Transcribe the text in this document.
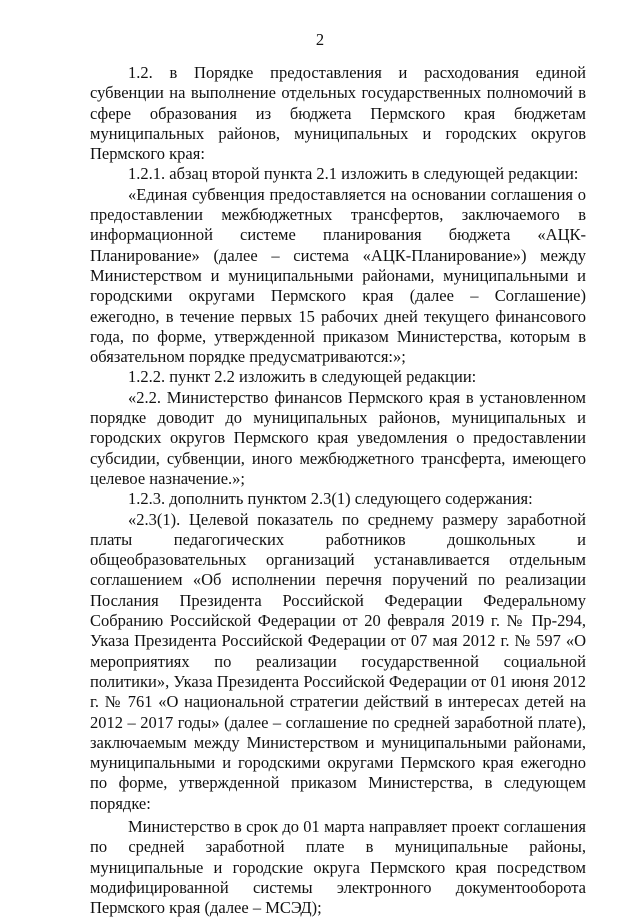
2

1.2. в Порядке предоставления и расходования единой субвенции на выполнение отдельных государственных полномочий в сфере образования из бюджета Пермского края бюджетам муниципальных районов, муниципальных и городских округов Пермского края:

1.2.1. абзац второй пункта 2.1 изложить в следующей редакции:

«Единая субвенция предоставляется на основании соглашения о предоставлении межбюджетных трансфертов, заключаемого в информационной системе планирования бюджета «АЦК-Планирование» (далее – система «АЦК-Планирование») между Министерством и муниципальными районами, муниципальными и городскими округами Пермского края (далее – Соглашение) ежегодно, в течение первых 15 рабочих дней текущего финансового года, по форме, утвержденной приказом Министерства, которым в обязательном порядке предусматриваются:»;

1.2.2. пункт 2.2 изложить в следующей редакции:

«2.2. Министерство финансов Пермского края в установленном порядке доводит до муниципальных районов, муниципальных и городских округов Пермского края уведомления о предоставлении субсидии, субвенции, иного межбюджетного трансферта, имеющего целевое назначение.»;

1.2.3. дополнить пунктом 2.3(1) следующего содержания:

«2.3(1). Целевой показатель по среднему размеру заработной платы педагогических работников дошкольных и общеобразовательных организаций устанавливается отдельным соглашением «Об исполнении перечня поручений по реализации Послания Президента Российской Федерации Федеральному Собранию Российской Федерации от 20 февраля 2019 г. № Пр-294, Указа Президента Российской Федерации от 07 мая 2012 г. № 597 «О мероприятиях по реализации государственной социальной политики», Указа Президента Российской Федерации от 01 июня 2012 г. № 761 «О национальной стратегии действий в интересах детей на 2012 – 2017 годы» (далее – соглашение по средней заработной плате), заключаемым между Министерством и муниципальными районами, муниципальными и городскими округами Пермского края ежегодно по форме, утвержденной приказом Министерства, в следующем порядке:

Министерство в срок до 01 марта направляет проект соглашения по средней заработной плате в муниципальные районы, муниципальные и городские округа Пермского края посредством модифицированной системы электронного документооборота Пермского края (далее – МСЭД);
